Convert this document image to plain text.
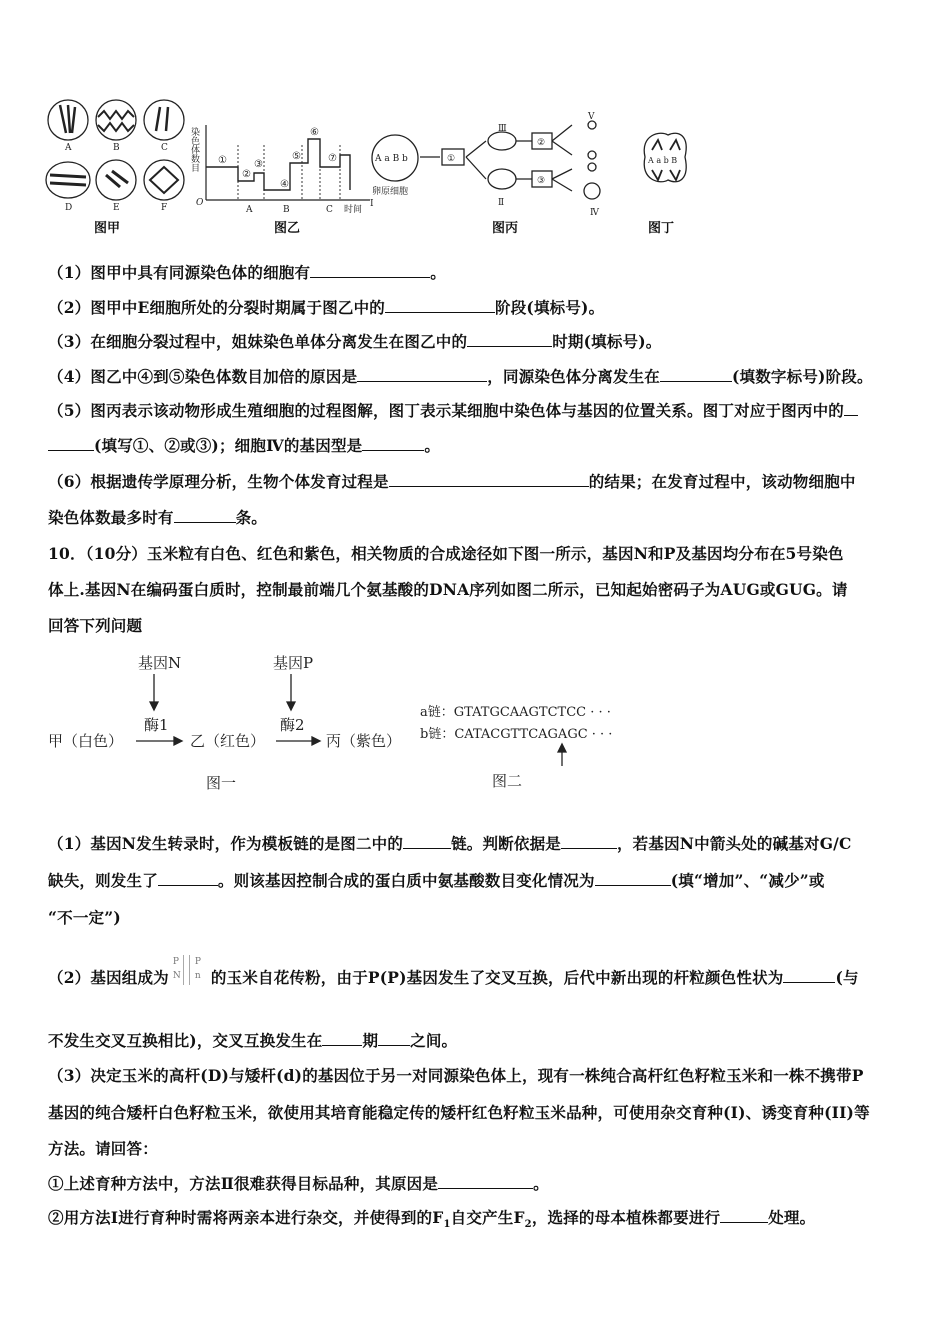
A	B	C
D	E	F
染色体数目
O
①
②
③
④
⑤
⑥
⑦
A	B	C 时间
A a B b
卵原细胞
Ⅰ	Ⅱ
Ⅲ
Ⅳ
Ⅴ
①
②
③
A a b B
图甲	图乙	图丙	图丁
（1）图甲中具有同源染色体的细胞有	。
（2）图甲中E细胞所处的分裂时期属于图乙中的	阶段(填标号)。
（3）在细胞分裂过程中，姐妹染色单体分离发生在图乙中的	时期(填标号)。
（4）图乙中④到⑤染色体数目加倍的原因是	，同源染色体分离发生在	(填数字标号)阶段。
（5）图丙表示该动物形成生殖细胞的过程图解，图丁表示某细胞中染色体与基因的位置关系。图丁对应于图丙中的
(填写①、②或③)；细胞Ⅳ的基因型是	。
（6）根据遗传学原理分析，生物个体发育过程是	的结果；在发育过程中，该动物细胞中
染色体数最多时有	条。
10．（10分）玉米粒有白色、红色和紫色，相关物质的合成途径如下图一所示，基因N和P及基因均分布在5号染色
体上.基因N在编码蛋白质时，控制最前端几个氨基酸的DNA序列如图二所示，已知起始密码子为AUG或GUG。请
回答下列问题
基因N	基因P
酶1	酶2
甲（白色）	乙（红色）	丙（紫色）
图一	图二
a链：GTATGCAAGTCTCC · · ·
b链：CATACGTTCAGAGC · · ·
（1）基因N发生转录时，作为模板链的是图二中的	链。判断依据是	，若基因N中箭头处的碱基对G/C
缺失，则发生了	。则该基因控制合成的蛋白质中氨基酸数目变化情况为	(填“增加”、“减少”或
“不一定”)
（2）基因组成为
P
N
P
n 的玉米自花传粉，由于P(P)基因发生了交叉互换，后代中新出现的杆粒颜色性状为	(与
不发生交叉互换相比)，交叉互换发生在	期 之间。
（3）决定玉米的高杆(D)与矮杆(d)的基因位于另一对同源染色体上，现有一株纯合高杆红色籽粒玉米和一株不携带P
基因的纯合矮杆白色籽粒玉米，欲使用其培育能稳定传的矮杆红色籽粒玉米品种，可使用杂交育种(I)、诱变育种(II)等
方法。请回答：
①上述育种方法中，方法Ⅱ很难获得目标品种，其原因是	。
②用方法I进行育种时需将两亲本进行杂交，并使得到的$F_1$自交产生$F_2$，选择的母本植株都要进行	处理。
